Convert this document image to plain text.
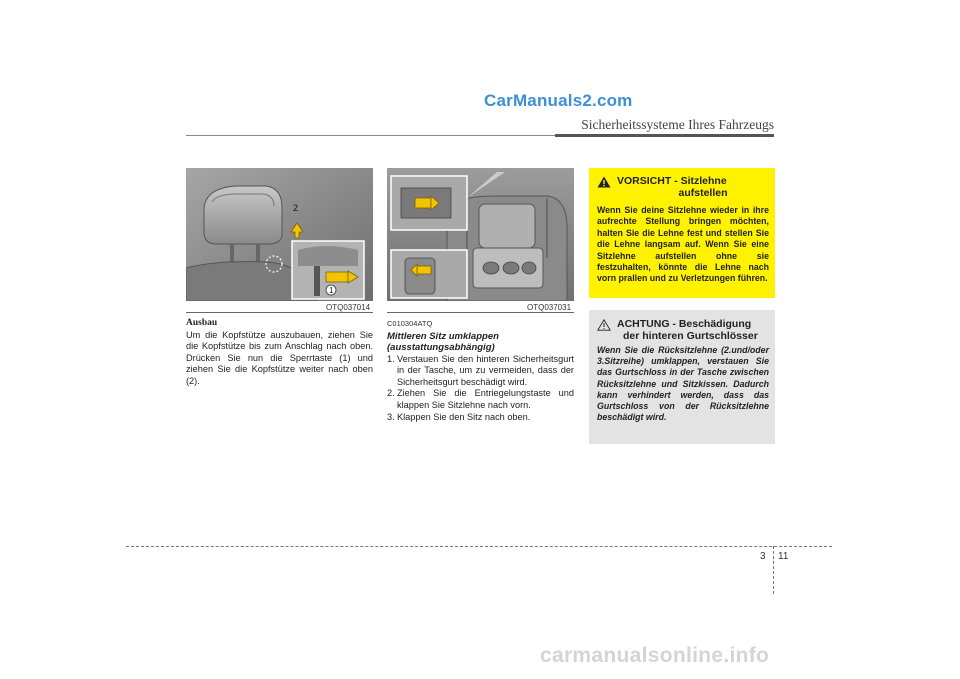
CarManuals2.com
Sicherheitssysteme Ihres Fahrzeugs
2
1
OTQ037014	OTQ037031
Ausbau

Um die Kopfstütze auszubauen, ziehen Sie die Kopfstütze bis zum Anschlag nach oben. Drücken Sie nun die Sperrtaste (1) und ziehen Sie die Kopfstütze weiter nach oben (2).

C010304ATQ
Mittleren Sitz umklappen
(ausstattungsabhängig)
1. Verstauen Sie den hinteren Sicherheitsgurt in der Tasche, um zu vermeiden, dass der Sicherheitsgurt beschädigt wird.
2. Ziehen Sie die Entriegelungstaste und klappen Sie Sitzlehne nach vorn.
3. Klappen Sie den Sitz nach oben.
VORSICHT - Sitzlehne
aufstellen
Wenn Sie deine Sitzlehne wieder in ihre aufrechte Stellung bringen möchten, halten Sie die Lehne fest und stellen Sie die Lehne langsam auf. Wenn Sie eine Sitzlehne aufstellen ohne sie festzuhalten, könnte die Lehne nach vorn prallen und zu Verletzungen führen.
ACHTUNG - Beschädigung
der hinteren Gurtschlösser
Wenn Sie die Rücksitzlehne (2.und/oder 3.Sitzreihe) umklappen, verstauen Sie das Gurtschloss in der Tasche zwischen Rücksitzlehne und Sitzkissen. Dadurch kann verhindert werden, dass das Gurtschloss von der Rücksitzlehne beschädigt wird.
3 11
carmanualsonline.info
